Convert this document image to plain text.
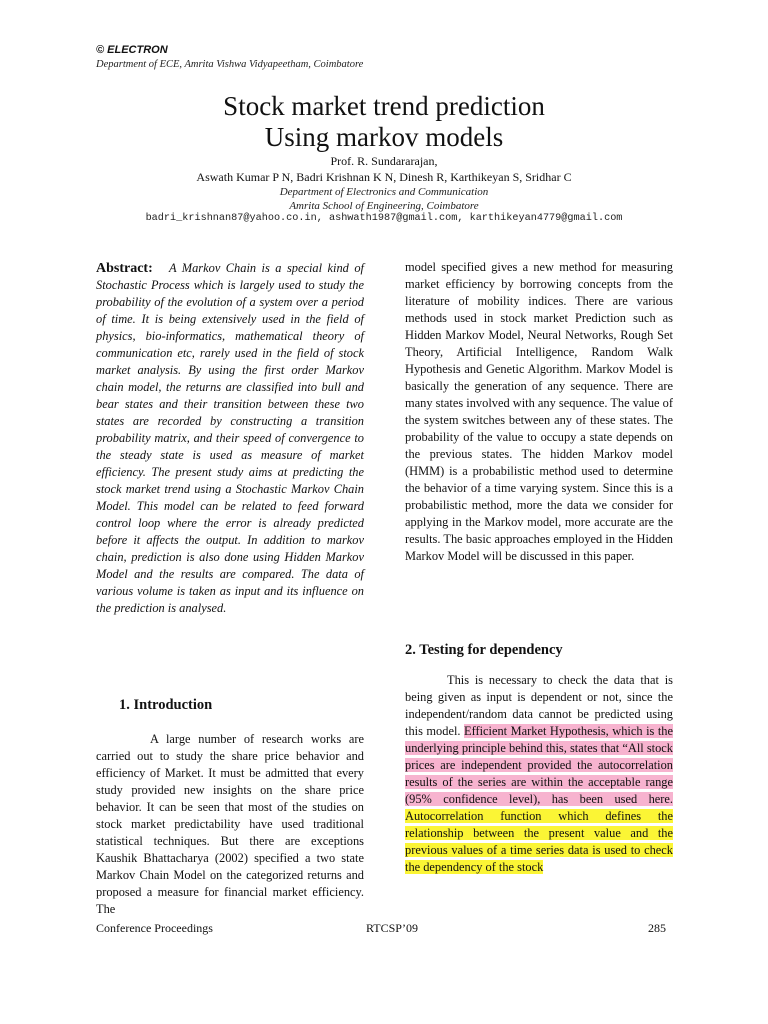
© ELECTRON
Department of ECE, Amrita Vishwa Vidyapeetham, Coimbatore
Stock market trend prediction
Using markov models
Prof. R. Sundararajan,
Aswath Kumar P N, Badri Krishnan K N, Dinesh R, Karthikeyan S, Sridhar C
Department of Electronics and Communication
Amrita School of Engineering, Coimbatore
badri_krishnan87@yahoo.co.in, ashwath1987@gmail.com, karthikeyan4779@gmail.com
Abstract: A Markov Chain is a special kind of Stochastic Process which is largely used to study the probability of the evolution of a system over a period of time. It is being extensively used in the field of physics, bio-informatics, mathematical theory of communication etc, rarely used in the field of stock market analysis. By using the first order Markov chain model, the returns are classified into bull and bear states and their transition between these two states are recorded by constructing a transition probability matrix, and their speed of convergence to the steady state is used as measure of market efficiency. The present study aims at predicting the stock market trend using a Stochastic Markov Chain Model. This model can be related to feed forward control loop where the error is already predicted before it affects the output. In addition to markov chain, prediction is also done using Hidden Markov Model and the results are compared. The data of various volume is taken as input and its influence on the prediction is analysed.
1. Introduction
A large number of research works are carried out to study the share price behavior and efficiency of Market. It must be admitted that every study provided new insights on the share price behavior. It can be seen that most of the studies on stock market predictability have used traditional statistical techniques. But there are exceptions Kaushik Bhattacharya (2002) specified a two state Markov Chain Model on the categorized returns and proposed a measure for financial market efficiency. The
model specified gives a new method for measuring market efficiency by borrowing concepts from the literature of mobility indices. There are various methods used in stock market Prediction such as Hidden Markov Model, Neural Networks, Rough Set Theory, Artificial Intelligence, Random Walk Hypothesis and Genetic Algorithm. Markov Model is basically the generation of any sequence. There are many states involved with any sequence. The value of the system switches between any of these states. The probability of the value to occupy a state depends on the previous states. The hidden Markov model (HMM) is a probabilistic method used to determine the behavior of a time varying system. Since this is a probabilistic method, more the data we consider for applying in the Markov model, more accurate are the results. The basic approaches employed in the Hidden Markov Model will be discussed in this paper.
2. Testing for dependency
This is necessary to check the data that is being given as input is dependent or not, since the independent/random data cannot be predicted using this model. Efficient Market Hypothesis, which is the underlying principle behind this, states that “All stock prices are independent provided the autocorrelation results of the series are within the acceptable range (95% confidence level), has been used here. Autocorrelation function which defines the relationship between the present value and the previous values of a time series data is used to check the dependency of the stock
Conference Proceedings	RTCSP’09	285
